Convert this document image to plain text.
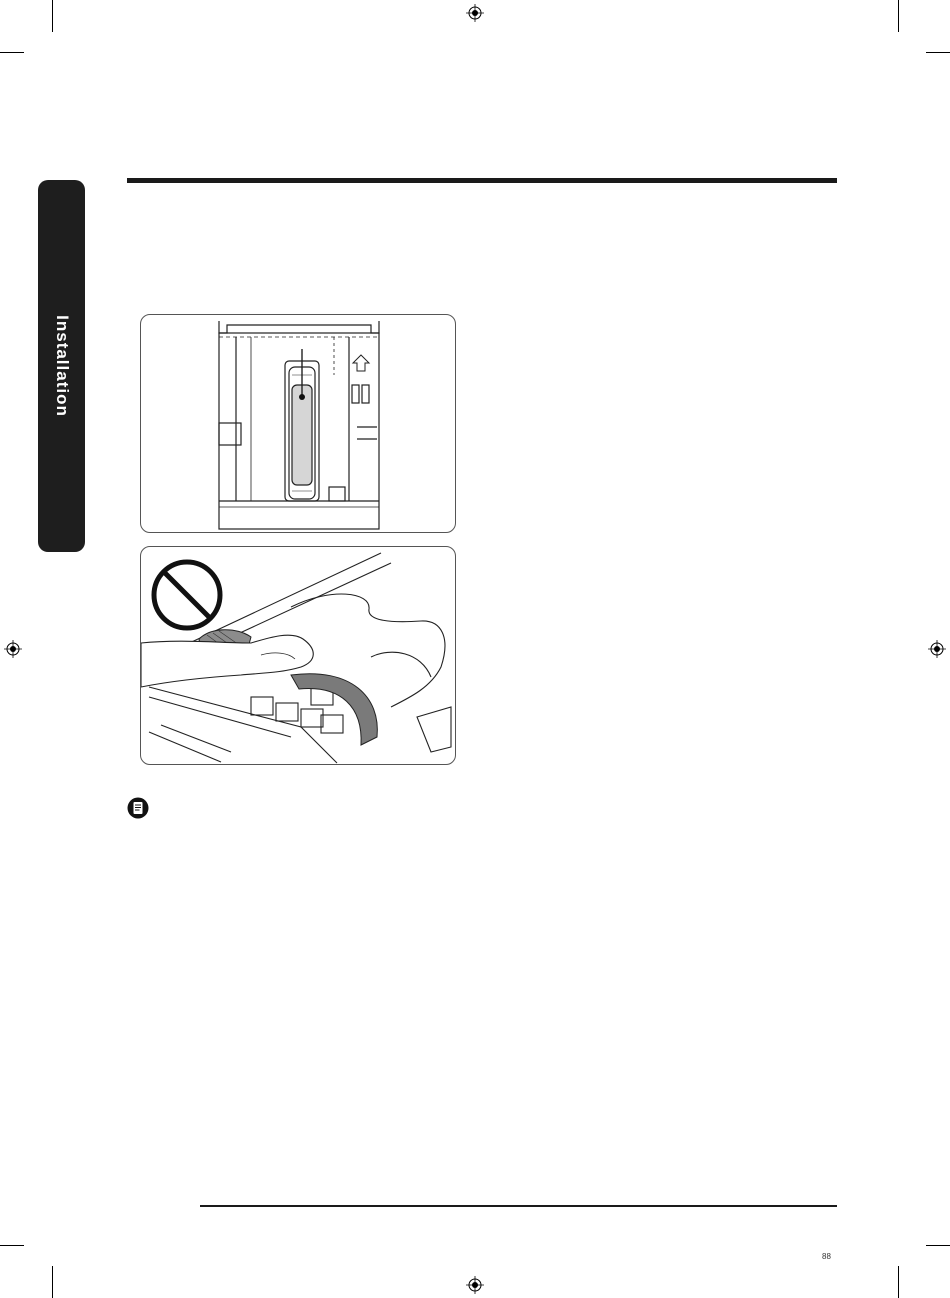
Installation
88
